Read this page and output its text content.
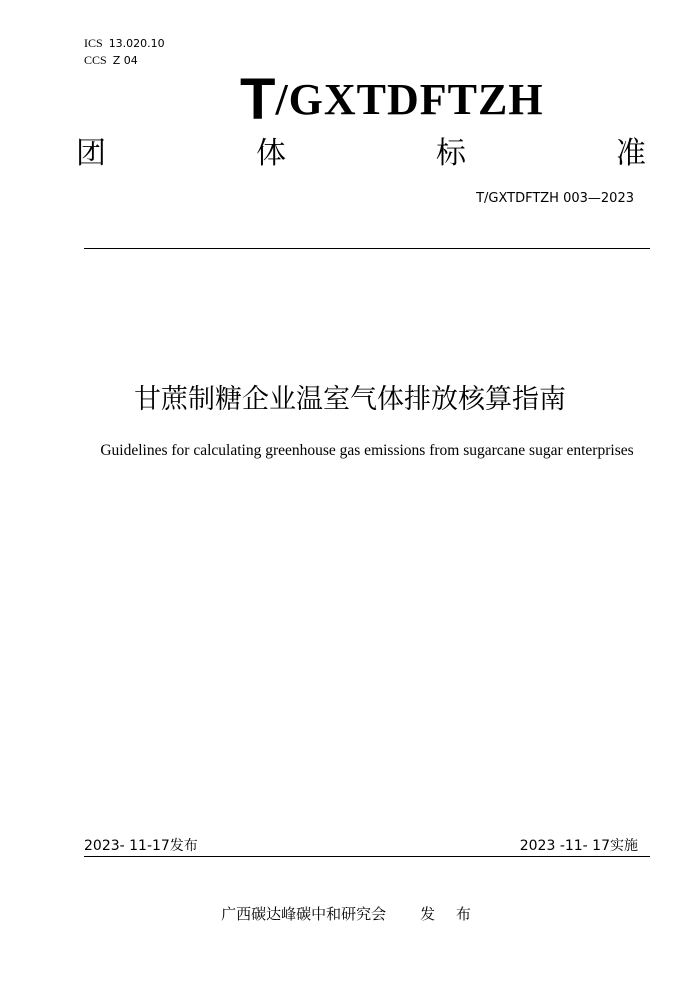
ICS 13.020.10
CCS Z 04
T/GXTDFTZH
团	体	标	准
T/GXTDFTZH 003—2023
甘蔗制糖企业温室气体排放核算指南
Guidelines for calculating greenhouse gas emissions from sugarcane sugar enterprises
2023- 11-17发布	2023 -11- 17实施
广西碳达峰碳中和研究会 发 布
